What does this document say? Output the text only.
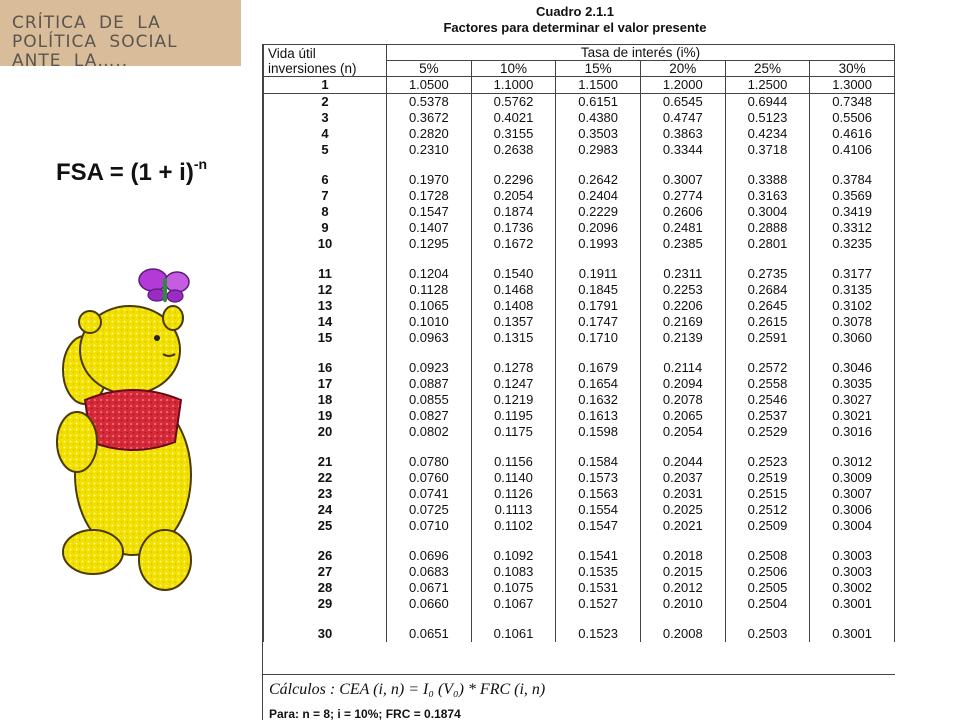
CRÍTICA DE LA POLÍTICA SOCIAL ANTE LA…..
Cuadro 2.1.1
Factores para determinar el valor presente
FSA = $(1 + i)^{-n}$
Vida útil inversiones (n)	Tasa de interés (i%)					
	5%	10%	15%	20%	25%	30%
1	1.0500	1.1000	1.1500	1.2000	1.2500	1.3000
2	0.5378	0.5762	0.6151	0.6545	0.6944	0.7348
3	0.3672	0.4021	0.4380	0.4747	0.5123	0.5506
4	0.2820	0.3155	0.3503	0.3863	0.4234	0.4616
5	0.2310	0.2638	0.2983	0.3344	0.3718	0.4106

6	0.1970	0.2296	0.2642	0.3007	0.3388	0.3784
7	0.1728	0.2054	0.2404	0.2774	0.3163	0.3569
8	0.1547	0.1874	0.2229	0.2606	0.3004	0.3419
9	0.1407	0.1736	0.2096	0.2481	0.2888	0.3312
10	0.1295	0.1672	0.1993	0.2385	0.2801	0.3235

11	0.1204	0.1540	0.1911	0.2311	0.2735	0.3177
12	0.1128	0.1468	0.1845	0.2253	0.2684	0.3135
13	0.1065	0.1408	0.1791	0.2206	0.2645	0.3102
14	0.1010	0.1357	0.1747	0.2169	0.2615	0.3078
15	0.0963	0.1315	0.1710	0.2139	0.2591	0.3060

16	0.0923	0.1278	0.1679	0.2114	0.2572	0.3046
17	0.0887	0.1247	0.1654	0.2094	0.2558	0.3035
18	0.0855	0.1219	0.1632	0.2078	0.2546	0.3027
19	0.0827	0.1195	0.1613	0.2065	0.2537	0.3021
20	0.0802	0.1175	0.1598	0.2054	0.2529	0.3016

21	0.0780	0.1156	0.1584	0.2044	0.2523	0.3012
22	0.0760	0.1140	0.1573	0.2037	0.2519	0.3009
23	0.0741	0.1126	0.1563	0.2031	0.2515	0.3007
24	0.0725	0.1113	0.1554	0.2025	0.2512	0.3006
25	0.0710	0.1102	0.1547	0.2021	0.2509	0.3004

26	0.0696	0.1092	0.1541	0.2018	0.2508	0.3003
27	0.0683	0.1083	0.1535	0.2015	0.2506	0.3003
28	0.0671	0.1075	0.1531	0.2012	0.2505	0.3002
29	0.0660	0.1067	0.1527	0.2010	0.2504	0.3001

30	0.0651	0.1061	0.1523	0.2008	0.2503	0.3001
Cálculos : CEA (i, n) = I₀ (V₀) * FRC (i, n)
Para: n = 8; i = 10%; FRC = 0.1874
